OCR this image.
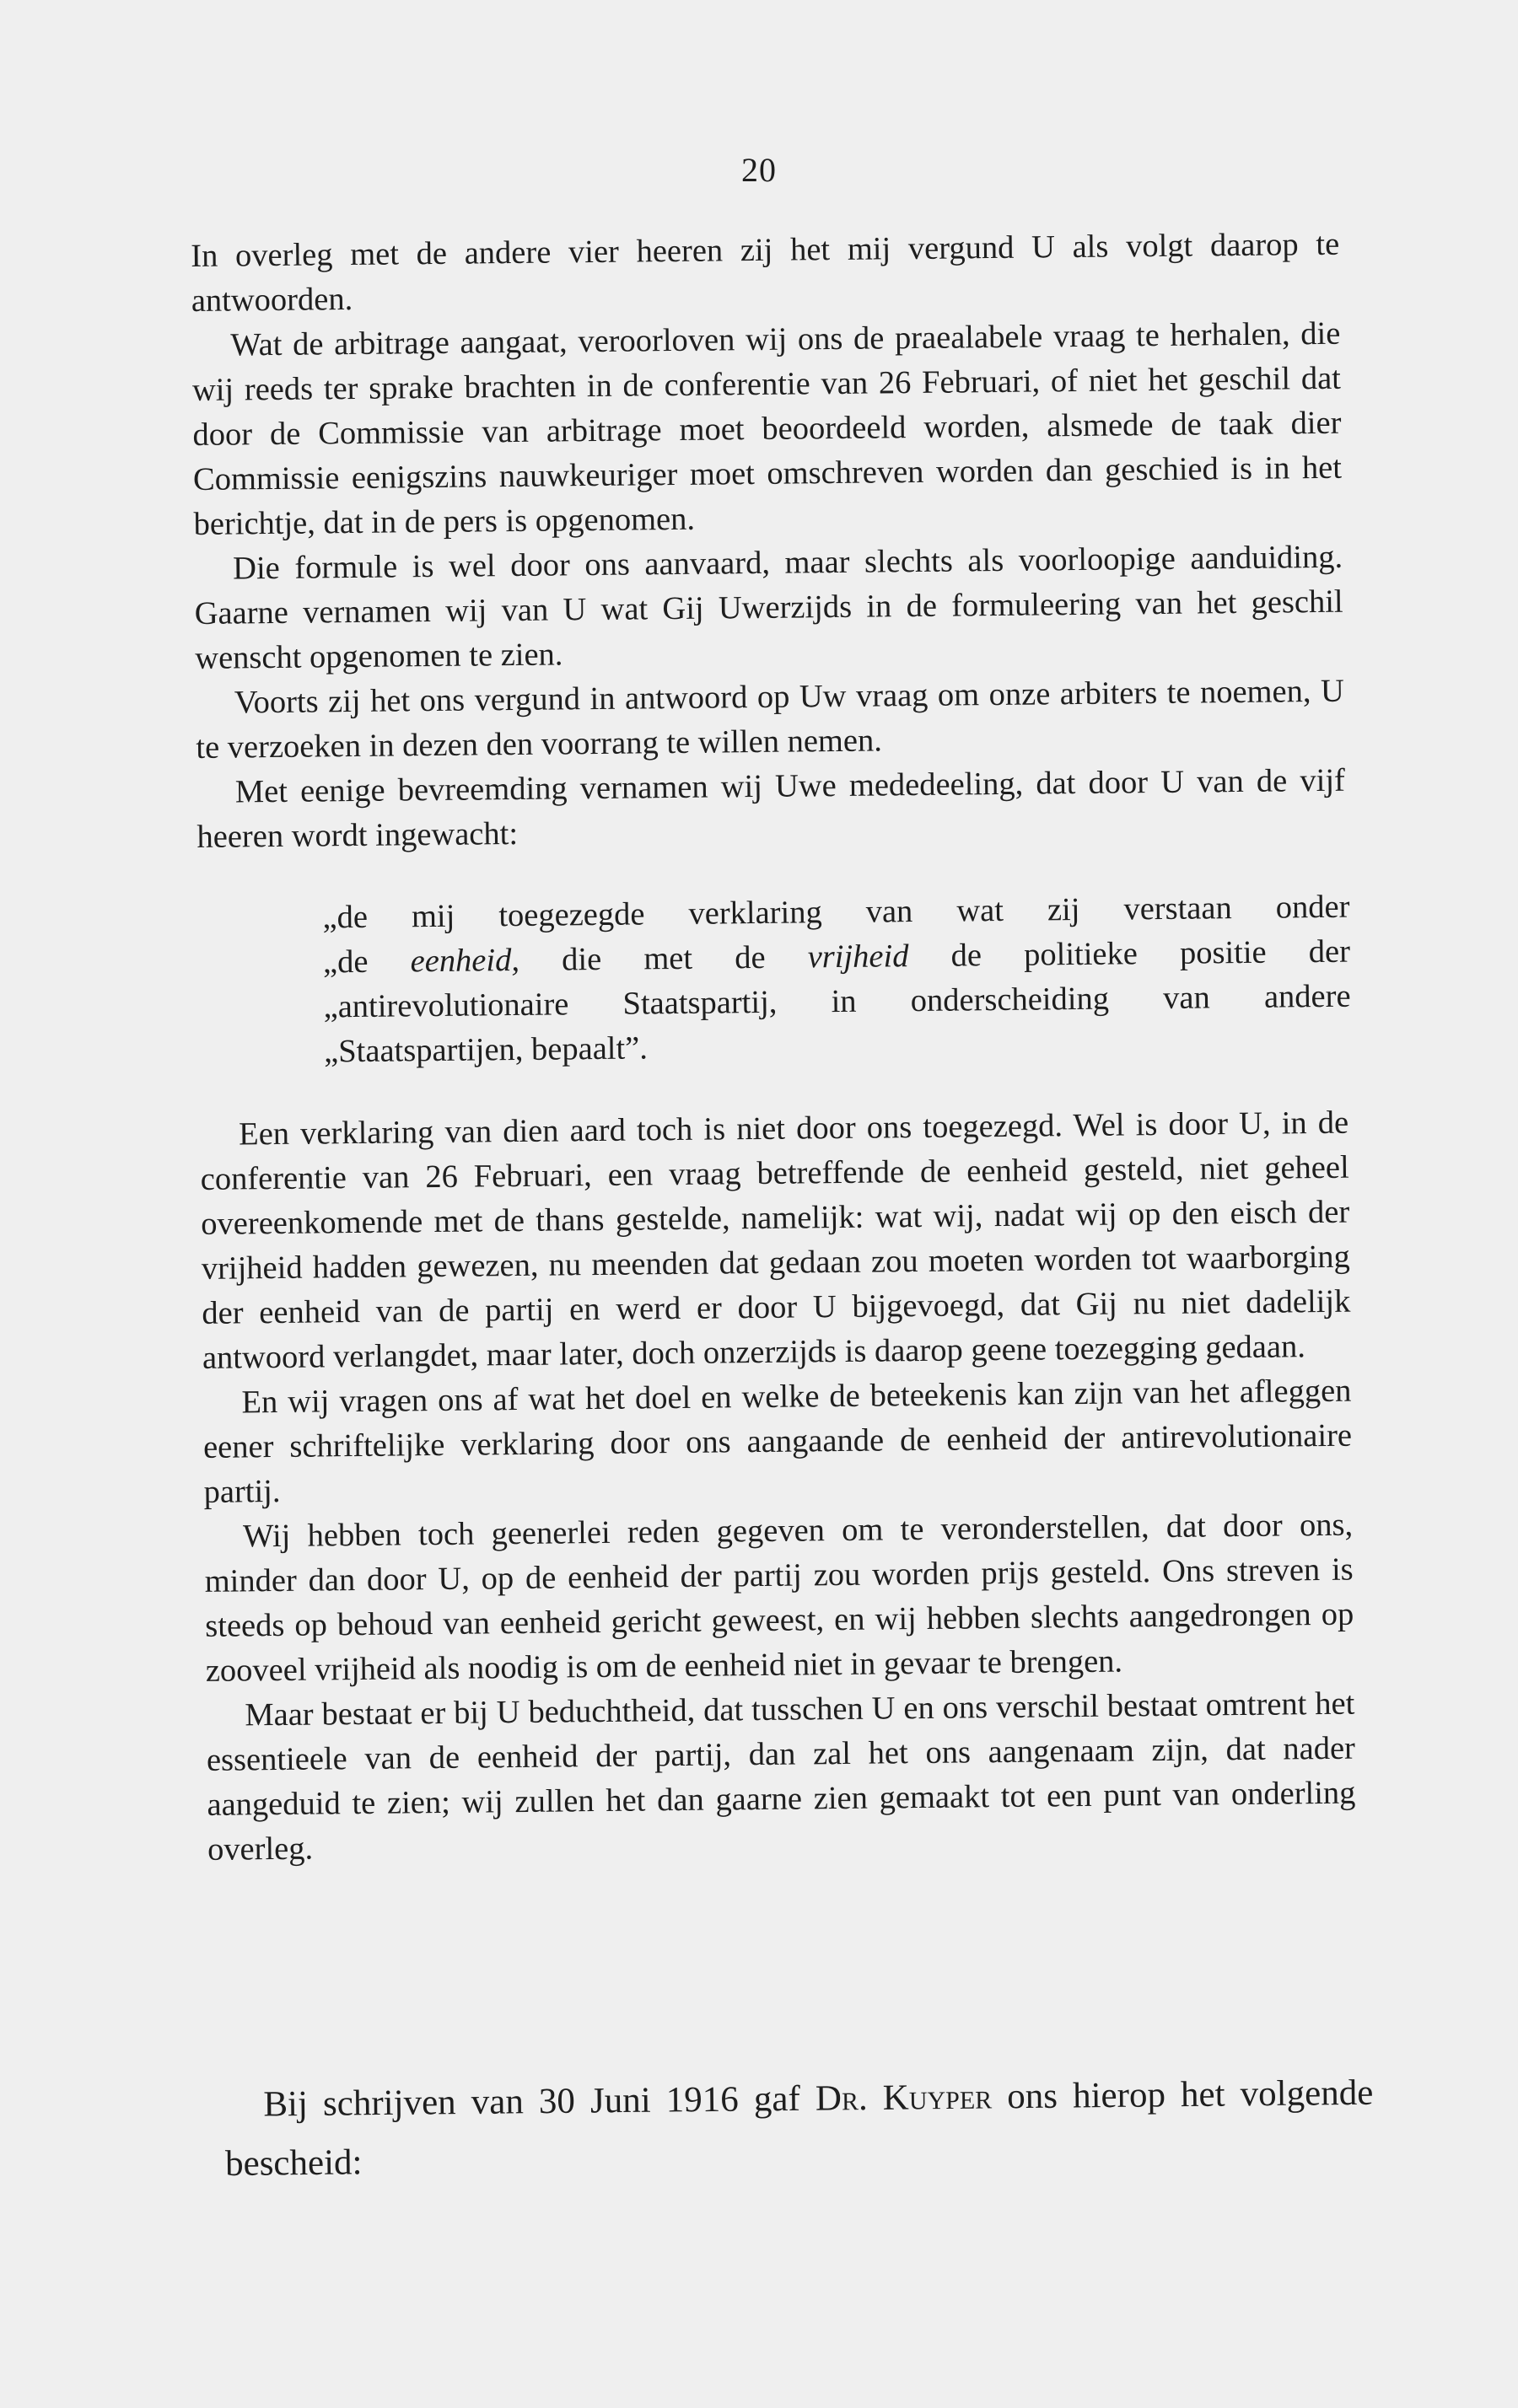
20

In overleg met de andere vier heeren zij het mij vergund U als volgt daarop te antwoorden.

Wat de arbitrage aangaat, veroorloven wij ons de praealabele vraag te herhalen, die wij reeds ter sprake brachten in de conferentie van 26 Februari, of niet het geschil dat door de Commissie van arbitrage moet beoordeeld worden, alsmede de taak dier Commissie eenigszins nauwkeuriger moet omschreven worden dan geschied is in het berichtje, dat in de pers is opgenomen.

Die formule is wel door ons aanvaard, maar slechts als voorloopige aanduiding. Gaarne vernamen wij van U wat Gij Uwerzijds in de formuleering van het geschil wenscht opgenomen te zien.

Voorts zij het ons vergund in antwoord op Uw vraag om onze arbiters te noemen, U te verzoeken in dezen den voorrang te willen nemen.

Met eenige bevreemding vernamen wij Uwe mededeeling, dat door U van de vijf heeren wordt ingewacht:

„de mij toegezegde verklaring van wat zij verstaan onder
„de eenheid, die met de vrijheid de politieke positie der
„antirevolutionaire Staatspartij, in onderscheiding van andere
„Staatspartijen, bepaalt”.

Een verklaring van dien aard toch is niet door ons toegezegd. Wel is door U, in de conferentie van 26 Februari, een vraag betreffende de eenheid gesteld, niet geheel overeenkomende met de thans gestelde, namelijk: wat wij, nadat wij op den eisch der vrijheid hadden gewezen, nu meenden dat gedaan zou moeten worden tot waarborging der eenheid van de partij en werd er door U bijgevoegd, dat Gij nu niet dadelijk antwoord verlangdet, maar later, doch onzerzijds is daarop geene toezegging gedaan.

En wij vragen ons af wat het doel en welke de beteekenis kan zijn van het afleggen eener schriftelijke verklaring door ons aangaande de eenheid der antirevolutionaire partij.

Wij hebben toch geenerlei reden gegeven om te veronderstellen, dat door ons, minder dan door U, op de eenheid der partij zou worden prijs gesteld. Ons streven is steeds op behoud van eenheid gericht geweest, en wij hebben slechts aangedrongen op zooveel vrijheid als noodig is om de eenheid niet in gevaar te brengen.

Maar bestaat er bij U beduchtheid, dat tusschen U en ons verschil bestaat omtrent het essentieele van de eenheid der partij, dan zal het ons aangenaam zijn, dat nader aangeduid te zien; wij zullen het dan gaarne zien gemaakt tot een punt van onderling overleg.

Bij schrijven van 30 Juni 1916 gaf Dr. Kuyper ons hierop het volgende bescheid:
